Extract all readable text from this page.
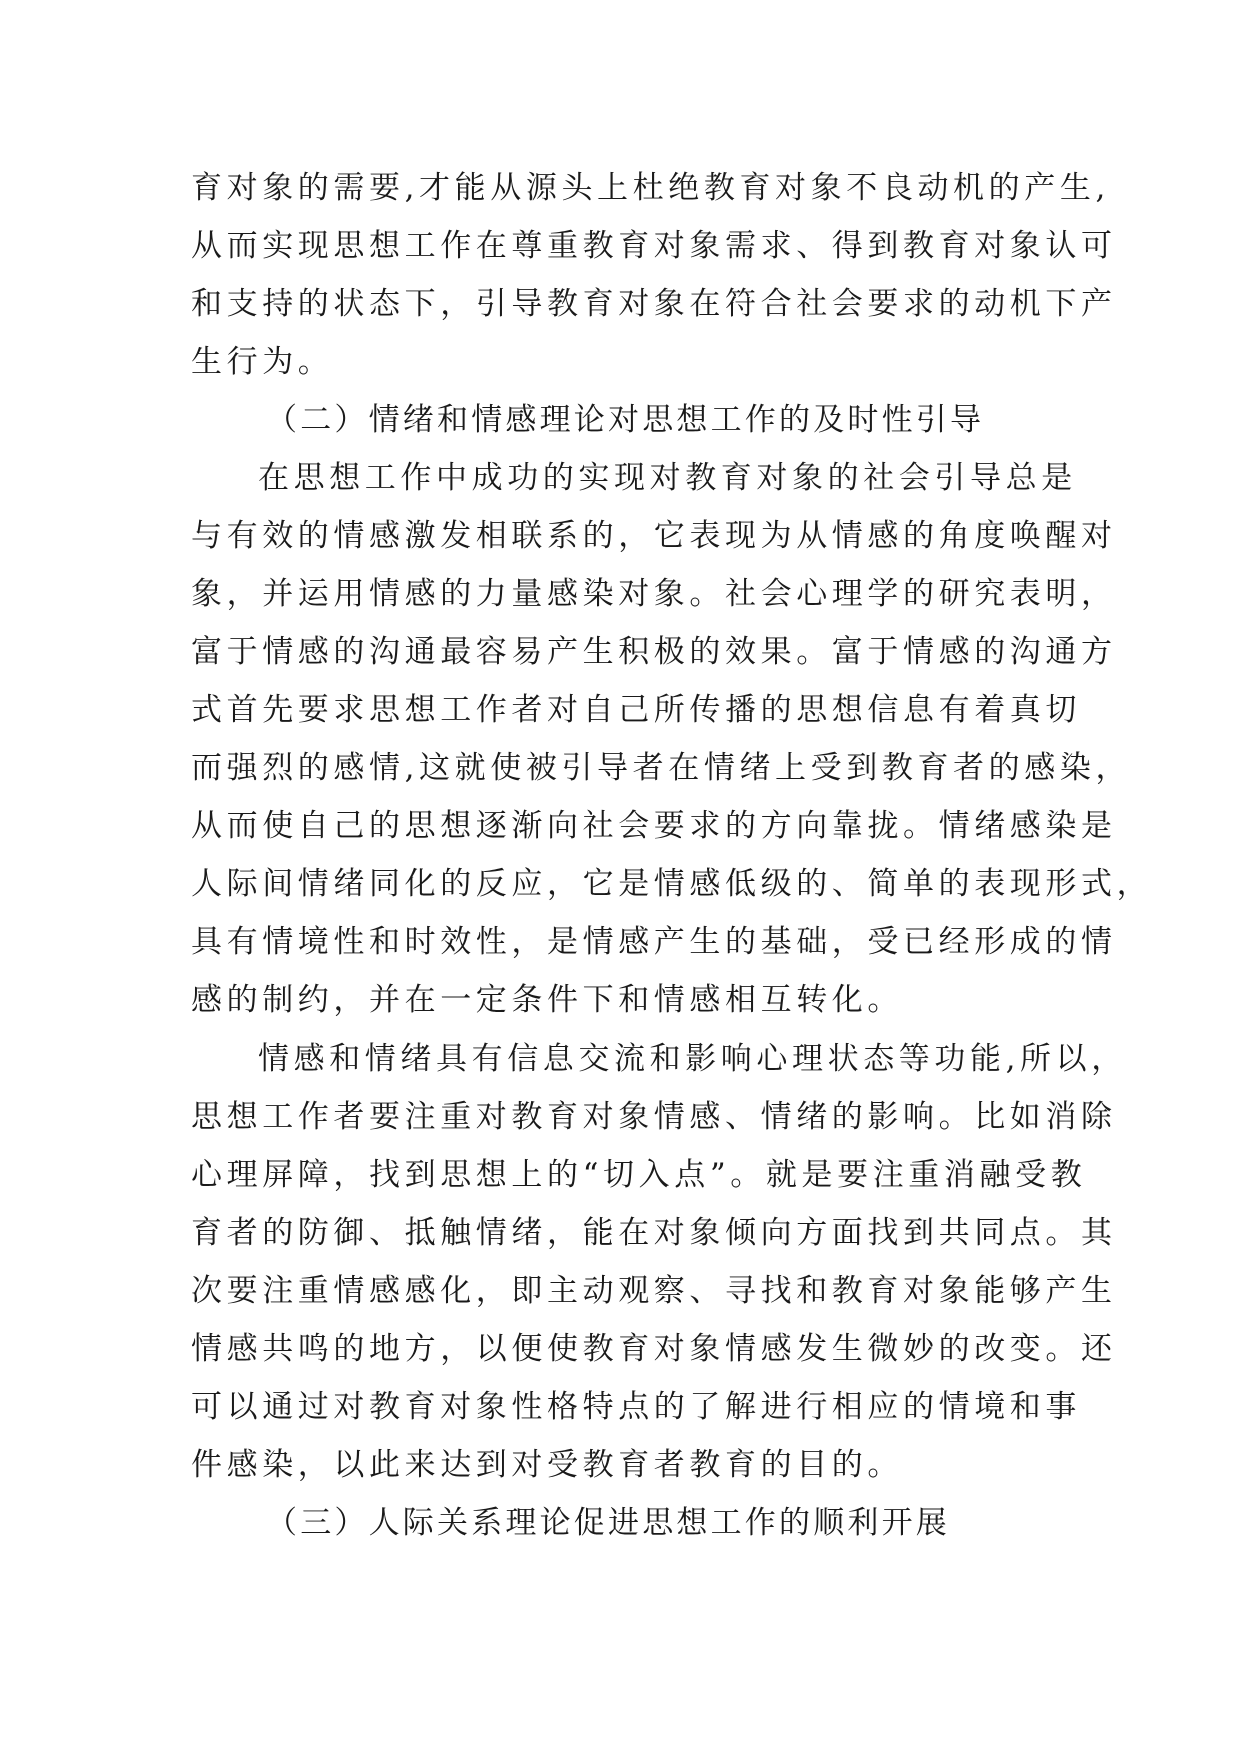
育对象的需要,才能从源头上杜绝教育对象不良动机的产生,
从而实现思想工作在尊重教育对象需求、得到教育对象认可
和支持的状态下，引导教育对象在符合社会要求的动机下产
生行为。
（二）情绪和情感理论对思想工作的及时性引导
在思想工作中成功的实现对教育对象的社会引导总是
与有效的情感激发相联系的，它表现为从情感的角度唤醒对
象，并运用情感的力量感染对象。社会心理学的研究表明，
富于情感的沟通最容易产生积极的效果。富于情感的沟通方
式首先要求思想工作者对自己所传播的思想信息有着真切
而强烈的感情,这就使被引导者在情绪上受到教育者的感染，
从而使自己的思想逐渐向社会要求的方向靠拢。情绪感染是
人际间情绪同化的反应，它是情感低级的、简单的表现形式，
具有情境性和时效性，是情感产生的基础，受已经形成的情
感的制约，并在一定条件下和情感相互转化。
情感和情绪具有信息交流和影响心理状态等功能,所以，
思想工作者要注重对教育对象情感、情绪的影响。比如消除
心理屏障，找到思想上的“切入点”。就是要注重消融受教
育者的防御、抵触情绪，能在对象倾向方面找到共同点。其
次要注重情感感化，即主动观察、寻找和教育对象能够产生
情感共鸣的地方，以便使教育对象情感发生微妙的改变。还
可以通过对教育对象性格特点的了解进行相应的情境和事
件感染，以此来达到对受教育者教育的目的。
（三）人际关系理论促进思想工作的顺利开展
